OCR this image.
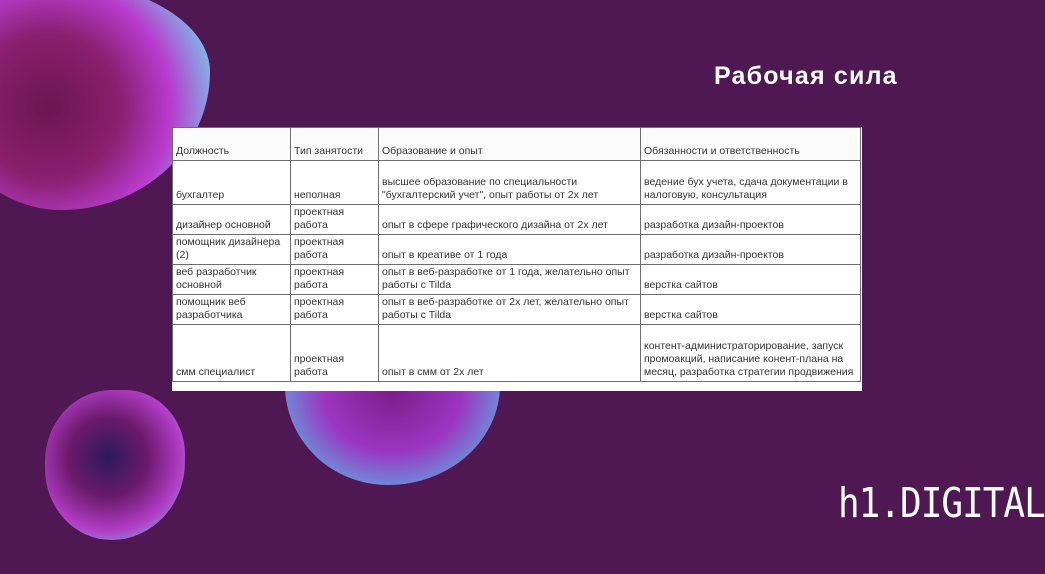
Рабочая сила
Должность	Тип занятости	Образование и опыт	Обязанности и ответственность
бухгалтер	неполная	высшее образование по специальности "бухгалтерский учет", опыт работы от 2х лет	ведение бух учета, сдача документации в налоговую, консультация
дизайнер основной	проектная работа	опыт в сфере графического дизайна от 2х лет	разработка дизайн-проектов
помощник дизайнера (2)	проектная работа	опыт в креативе от 1 года	разработка дизайн-проектов
веб разработчик основной	проектная работа	опыт в веб-разработке от 1 года, желательно опыт работы с Tilda	верстка сайтов
помощник веб разработчика	проектная работа	опыт в веб-разработке от 2х лет, желательно опыт работы с Tilda	верстка сайтов
смм специалист	проектная работа	опыт в смм от 2х лет	контент-администраторирование, запуск промоакций, написание конент-плана на месяц, разработка стратегии продвижения
h1.DIGITAL
